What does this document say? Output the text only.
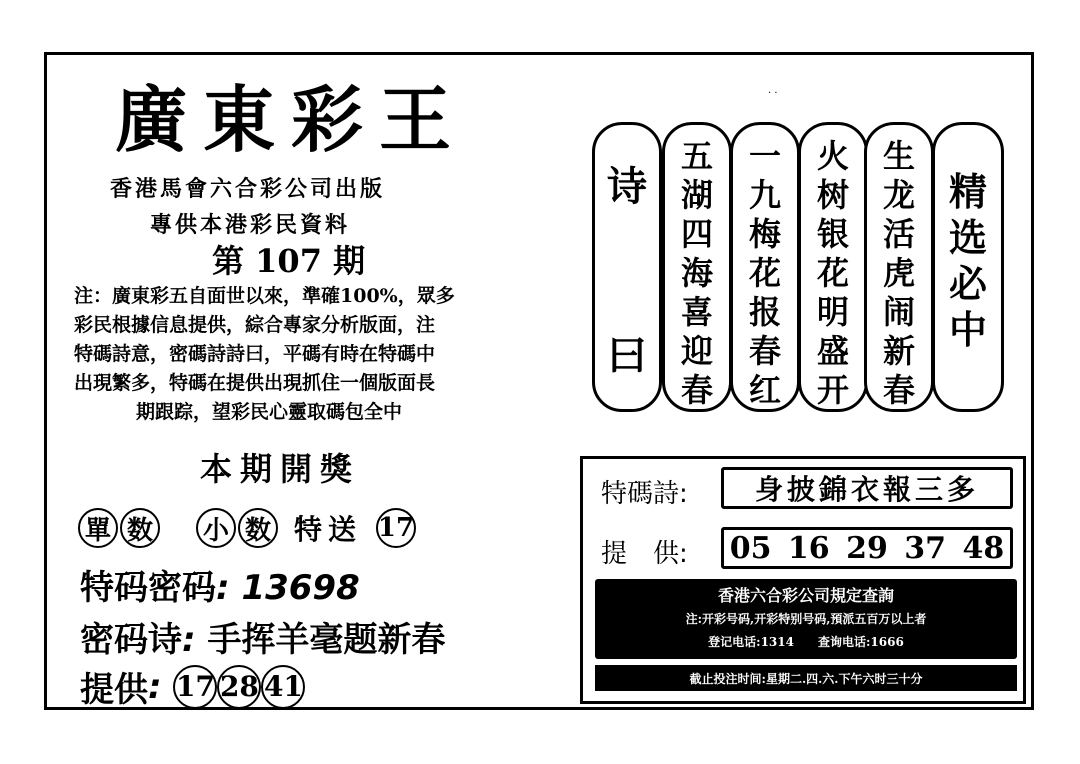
· ·
廣東彩王
香港馬會六合彩公司出版
專供本港彩民資料
第 107 期
注：廣東彩五自面世以來，準確100%，眾多
彩民根據信息提供，綜合專家分析版面，注
特碼詩意，密碼詩詩曰，平碼有時在特碼中
出現繁多，特碼在提供出現抓住一個版面長
期跟踪，望彩民心靈取碼包全中
本期開獎
單 数 小 数 特送 17
特码密码: 13698
密码诗: 手挥羊毫题新春
提供 : 17 28 41
诗
曰
五
湖
四
海
喜
迎
春
一
九
梅
花
报
春
红
火
树
银
花
明
盛
开
生
龙
活
虎
闹
新
春
精
选
必
中
特碼詩:	身披錦衣報三多
提　供: 05 16 29 37 48
香港六合彩公司規定查詢
注:开彩号码,开彩特别号码,預派五百万以上者
登记电话:1314　　查询电话:1666
截止投注时间:星期二.四.六.下午六时三十分
